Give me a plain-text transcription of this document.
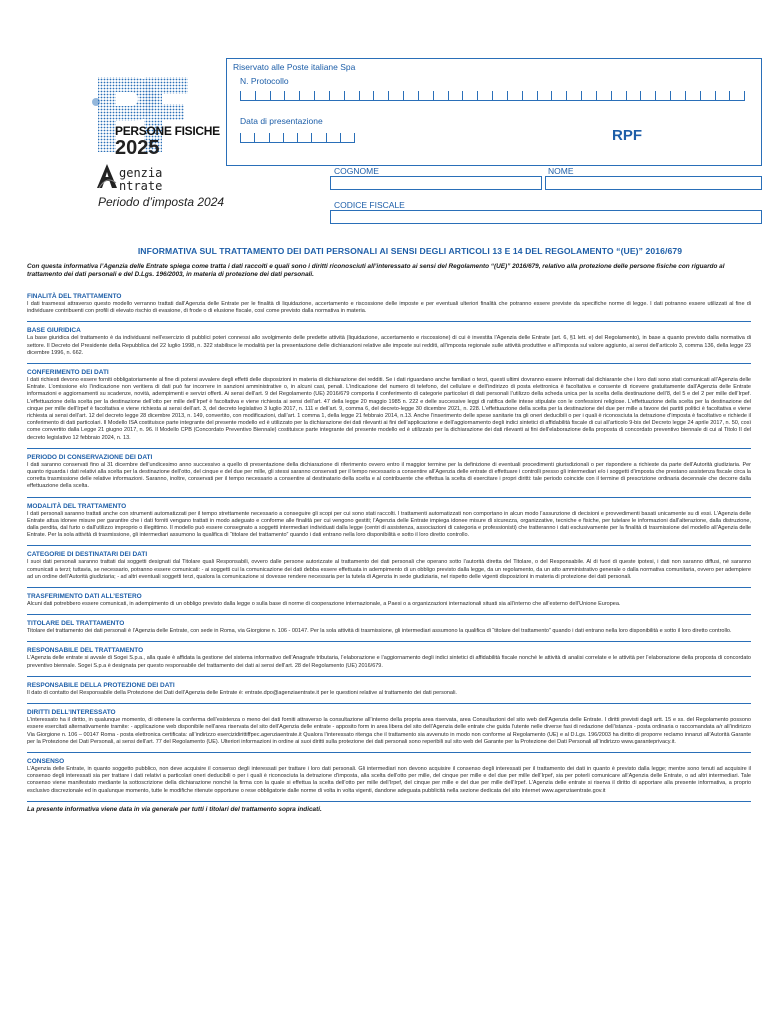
PERSONE FISICHE
2025
genzia
ntrate
Periodo d’imposta 2024
Riservato alle Poste italiane Spa
N. Protocollo
Data di presentazione
RPF
COGNOME	NOME
CODICE FISCALE
INFORMATIVA SUL TRATTAMENTO DEI DATI PERSONALI AI SENSI DEGLI ARTICOLI 13 E 14 DEL REGOLAMENTO “(UE)” 2016/679
Con questa informativa l’Agenzia delle Entrate spiega come tratta i dati raccolti e quali sono i diritti riconosciuti all’interessato ai sensi del Regolamento “(UE)” 2016/679, relativo alla protezione delle persone fisiche con riguardo al trattamento dei dati personali e del D.Lgs. 196/2003, in materia di protezione dei dati personali.
FINALITÀ DEL TRATTAMENTO

I dati trasmessi attraverso questo modello verranno trattati dall’Agenzia delle Entrate per le finalità di liquidazione, accertamento e riscossione delle imposte e per eventuali ulteriori finalità che potranno essere previste da specifiche norme di legge. I dati potranno essere utilizzati al fine di individuare contribuenti con profili di elevato rischio di evasione, di frode o di elusione fiscale, così come previsto dalla normativa in materia.

BASE GIURIDICA

La base giuridica del trattamento è da individuarsi nell’esercizio di pubblici poteri connessi allo svolgimento delle predette attività (liquidazione, accertamento e riscossione) di cui è investita l’Agenzia delle Entrate (art. 6, §1 lett. e) del Regolamento), in base a quanto previsto dalla normativa di settore. Il Decreto del Presidente della Repubblica del 22 luglio 1998, n. 322 stabilisce le modalità per la presentazione delle dichiarazioni relative alle imposte sui redditi, all’imposta regionale sulle attività produttive e all’imposta sul valore aggiunto, ai sensi dell’articolo 3, comma 136, della legge 23 dicembre 1996, n. 662.

CONFERIMENTO DEI DATI

I dati richiesti devono essere forniti obbligatoriamente al fine di potersi avvalere degli effetti delle disposizioni in materia di dichiarazione dei redditi. Se i dati riguardano anche familiari o terzi, questi ultimi dovranno essere informati dal dichiarante che i loro dati sono stati comunicati all’Agenzia delle Entrate. L’omissione e/o l’indicazione non veritiera di dati può far incorrere in sanzioni amministrative o, in alcuni casi, penali. L’indicazione del numero di telefono, del cellulare e dell’indirizzo di posta elettronica è facoltativa e consente di ricevere gratuitamente dall’Agenzia delle Entrate informazioni e aggiornamenti su scadenze, novità, adempimenti e servizi offerti. Ai sensi dell’art. 9 del Regolamento (UE) 2016/679 comporta il conferimento di categorie particolari di dati personali l’utilizzo della scheda unica per la scelta della destinazione dell’8, del 5 e del 2 per mille dell’Irpef. L’effettuazione della scelta per la destinazione dell’otto per mille dell’Irpef è facoltativa e viene richiesta ai sensi dell’art. 47 della legge 20 maggio 1985 n. 222 e delle successive leggi di ratifica delle intese stipulate con le confessioni religiose. L’effettuazione della scelta per la destinazione del cinque per mille dell’Irpef è facoltativa e viene richiesta ai sensi dell’art. 3, del decreto legislativo 3 luglio 2017, n. 111 e dell’art. 9, comma 6, del decreto-legge 30 dicembre 2021, n. 228. L’effettuazione della scelta per la destinazione del due per mille a favore dei partiti politici è facoltativa e viene richiesta ai sensi dell’art. 12 del decreto legge 28 dicembre 2013, n. 149, convertito, con modificazioni, dall’art. 1 comma 1, della legge 21 febbraio 2014, n.13. Anche l’inserimento delle spese sanitarie tra gli oneri deducibili o per i quali è riconosciuta la detrazione d’imposta è facoltativo e richiede il conferimento di dati particolari. Il Modello ISA costituisce parte integrante del presente modello ed è utilizzato per la dichiarazione dei dati rilevanti ai fini dell’applicazione e dell’aggiornamento degli indici sintetici di affidabilità fiscale di cui all’articolo 9-bis del Decreto legge 24 aprile 2017, n. 50, così come convertito dalla Legge 21 giugno 2017, n. 96. Il Modello CPB (Concordato Preventivo Biennale) costituisce parte integrante del presente modello ed è utilizzato per la dichiarazione dei dati rilevanti ai fini dell’elaborazione della proposta di concordato preventivo biennale di cui al Titolo II del decreto legislativo 12 febbraio 2024, n. 13.

PERIODO DI CONSERVAZIONE DEI DATI

I dati saranno conservati fino al 31 dicembre dell’undicesimo anno successivo a quello di presentazione della dichiarazione di riferimento ovvero entro il maggior termine per la definizione di eventuali procedimenti giurisdizionali o per rispondere a richieste da parte dell’Autorità giudiziaria. Per quanto riguarda i dati relativi alla scelta per la destinazione dell’otto, del cinque e del due per mille, gli stessi saranno conservati per il tempo necessario a consentire all’Agenzia delle entrate di effettuare i controlli presso gli intermediari e/o i soggetti d’imposta che prestano assistenza fiscale circa la corretta trasmissione delle relative informazioni. Saranno, inoltre, conservati per il tempo necessario a consentire al destinatario della scelta e al contribuente che effettua la scelta di esercitare i propri diritti: tale periodo coincide con il termine di prescrizione ordinaria decennale che decorre dalla effettuazione della scelta.

MODALITÀ DEL TRATTAMENTO

I dati personali saranno trattati anche con strumenti automatizzati per il tempo strettamente necessario a conseguire gli scopi per cui sono stati raccolti. I trattamenti automatizzati non comportano in alcun modo l’assunzione di decisioni e provvedimenti basati unicamente su di essi. L’Agenzia delle Entrate attua idonee misure per garantire che i dati forniti vengano trattati in modo adeguato e conforme alle finalità per cui vengono gestiti; l’Agenzia delle Entrate impiega idonee misure di sicurezza, organizzative, tecniche e fisiche, per tutelare le informazioni dall’alterazione, dalla distruzione, dalla perdita, dal furto o dall’utilizzo improprio o illegittimo. Il modello può essere consegnato a soggetti intermediari individuati dalla legge (centri di assistenza, associazioni di categoria e professionisti) che tratteranno i dati esclusivamente per la finalità di trasmissione del modello all’Agenzia delle Entrate. Per la sola attività di trasmissione, gli intermediari assumono la qualifica di “titolare del trattamento” quando i dati entrano nella loro disponibilità e sotto il loro diretto controllo.

CATEGORIE DI DESTINATARI DEI DATI

I suoi dati personali saranno trattati dai soggetti designati dal Titolare quali Responsabili, ovvero dalle persone autorizzate al trattamento dei dati personali che operano sotto l’autorità diretta del Titolare, o del Responsabile. Al di fuori di queste ipotesi, i dati non saranno diffusi, né saranno comunicati a terzi; tuttavia, se necessario, potranno essere comunicati: - ai soggetti cui la comunicazione dei dati debba essere effettuata in adempimento di un obbligo previsto dalla legge, da un regolamento, da un atto amministrativo generale o dalla normativa comunitaria, ovvero per adempiere ad un ordine dell’Autorità giudiziaria; - ad altri eventuali soggetti terzi, qualora la comunicazione si dovesse rendere necessaria per la tutela di Agenzia in sede giudiziaria, nel rispetto delle vigenti disposizioni in materia di protezione dei dati personali.

TRASFERIMENTO DATI ALL’ESTERO

Alcuni dati potrebbero essere comunicati, in adempimento di un obbligo previsto dalla legge o sulla base di norme di cooperazione internazionale, a Paesi o a organizzazioni internazionali situati sia all’interno che all’esterno dell’Unione Europea.

TITOLARE DEL TRATTAMENTO

Titolare del trattamento dei dati personali è l’Agenzia delle Entrate, con sede in Roma, via Giorgione n. 106 - 00147. Per la sola attività di trasmissione, gli intermediari assumono la qualifica di “titolare del trattamento” quando i dati entrano nella loro disponibilità e sotto il loro diretto controllo.

RESPONSABILE DEL TRATTAMENTO

L’Agenzia delle entrate si avvale di Sogei S.p.a., alla quale è affidata la gestione del sistema informativo dell’Anagrafe tributaria, l’elaborazione e l’aggiornamento degli indici sintetici di affidabilità fiscale nonché le attività di analisi correlate e le attività per l’elaborazione della proposta di concordato preventivo biennale. Sogei S.p.a è designata per questo responsabile del trattamento dei dati ai sensi dell’art. 28 del Regolamento (UE) 2016/679.

RESPONSABILE DELLA PROTEZIONE DEI DATI

Il dato di contatto del Responsabile della Protezione dei Dati dell’Agenzia delle Entrate è: entrate.dpo@agenziaentrate.it per le questioni relative al trattamento dei dati personali.

DIRITTI DELL’INTERESSATO

L’interessato ha il diritto, in qualunque momento, di ottenere la conferma dell’esistenza o meno dei dati forniti attraverso la consultazione all’interno della propria area riservata, area Consultazioni del sito web dell’Agenzia delle Entrate. I diritti previsti dagli artt. 15 e ss. del Regolamento possono essere esercitati alternativamente tramite: - applicazione web disponibile nell’area riservata del sito dell’Agenzia delle entrate - apposito form in area libera del sito dell’Agenzia delle entrate che guida l’utente nelle diverse fasi di redazione dell’istanza - posta ordinaria o raccomandata a/r all’indirizzo Via Giorgione n. 106 – 00147 Roma - posta elettronica certificata: all’indirizzo esercizidirittiffpec.agenziaentrate.it Qualora l’interessato ritenga che il trattamento sia avvenuto in modo non conforme al Regolamento (UE) e al D.Lgs. 196/2003 ha diritto di proporre reclamo innanzi all’Autorità Garante per la Protezione dei Dati Personali, ai sensi dell’art. 77 del Regolamento (UE). Ulteriori informazioni in ordine ai suoi diritti sulla protezione dei dati personali sono reperibili sul sito web del Garante per la Protezione dei Dati Personali all’indirizzo www.garanteprivacy.it.

CONSENSO

L’Agenzia delle Entrate, in quanto soggetto pubblico, non deve acquisire il consenso degli interessati per trattare i loro dati personali. Gli intermediari non devono acquisire il consenso degli interessati per il trattamento dei dati in quanto è previsto dalla legge; mentre sono tenuti ad acquisire il consenso degli interessati sia per trattare i dati relativi a particolari oneri deducibili o per i quali è riconosciuta la detrazione d’imposta, alla scelta dell’otto per mille, del cinque per mille e del due per mille dell’Irpef, sia per poterli comunicare all’Agenzia delle Entrate, o ad altri intermediari. Tale consenso viene manifestato mediante la sottoscrizione della dichiarazione nonché la firma con la quale si effettua la scelta dell’otto per mille dell’Irpef, del cinque per mille e del due per mille dell’Irpef. L’Agenzia delle entrate si riserva il diritto di apportare alla presente informativa, a proprio esclusivo discrezionale ed in qualunque momento, tutte le modifiche ritenute opportune o rese obbligatorie dalle norme di volta in volta vigenti, dandone adeguata pubblicità nella sezione dedicata del sito internet www.agenziaentrate.gov.it

La presente informativa viene data in via generale per tutti i titolari del trattamento sopra indicati.
